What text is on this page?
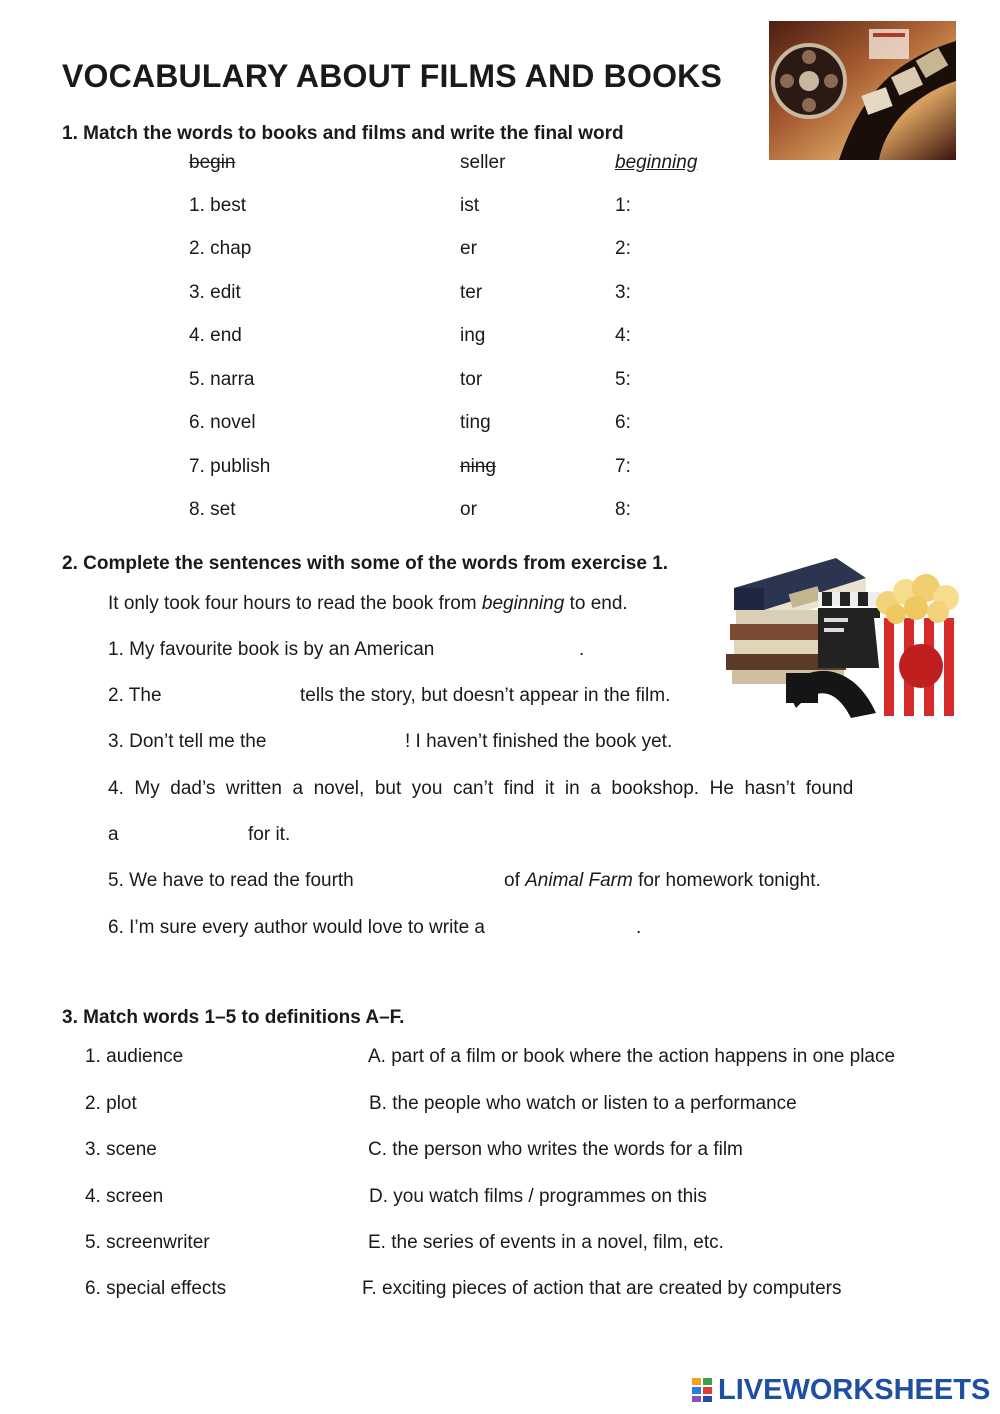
VOCABULARY ABOUT FILMS AND BOOKS
1. Match the words to books and films and write the final word
begin	seller	beginning
1. best	ist	1:
2. chap	er	2:
3. edit	ter	3:
4. end	ing	4:
5. narra	tor	5:
6. novel	ting	6:
7. publish	ning	7:
8. set	or	8:
2. Complete the sentences with some of the words from exercise 1.
It only took four hours to read the book from beginning to end.
1. My favourite book is by an American	.
2. The	tells the story, but doesn’t appear in the film.
3. Don’t tell me the	! I haven’t finished the book yet.
4.  My  dad’s  written  a  novel,  but  you  can’t  find  it  in  a  bookshop.  He  hasn’t  found
a	for it.
5. We have to read the fourth	of Animal Farm for homework tonight.
6. I’m sure every author would love to write a	.
3. Match words 1–5 to definitions A–F.
1. audience	A. part of a film or book where the action happens in one place
2. plot	B. the people who watch or listen to a performance
3. scene	C. the person who writes the words for a film
4. screen	D. you watch films / programmes on this
5. screenwriter	E. the series of events in a novel, film, etc.
6. special effects	F. exciting pieces of action that are created by computers
LIVEWORKSHEETS
